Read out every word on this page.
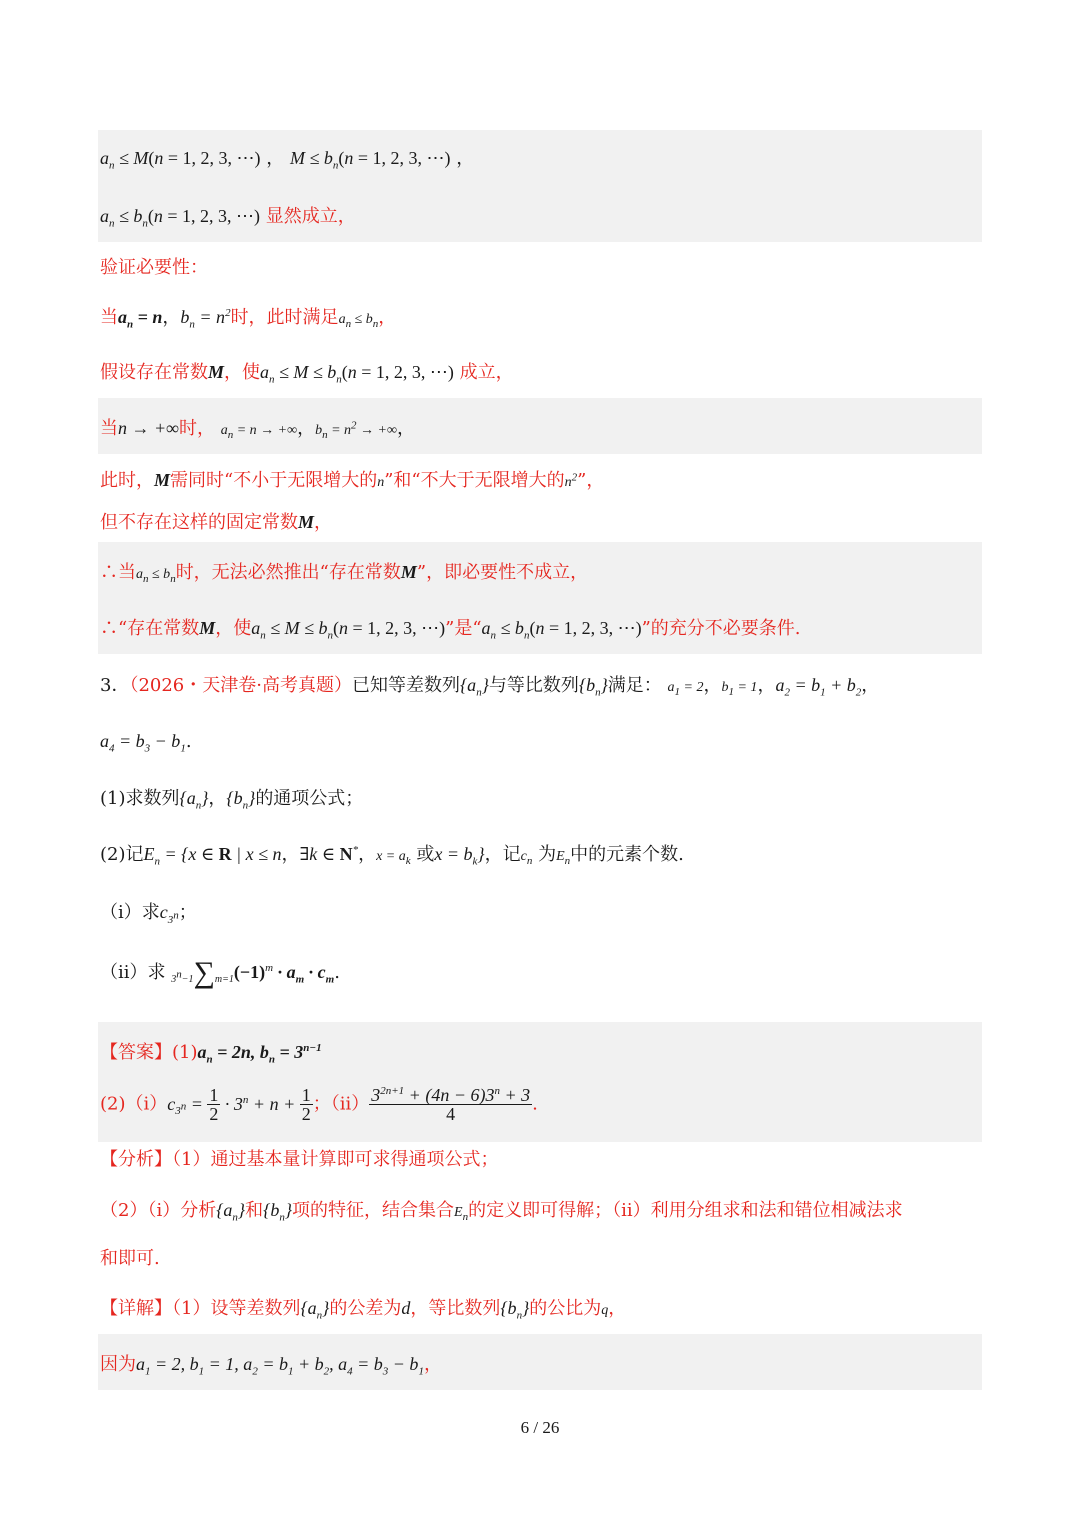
$a_n \le M(n = 1$, 2, 3, ⋯) ， $M \le b_n(n = 1$, 2, 3, ⋯) ，
$a_n \le b_n(n = 1$, 2, 3, ⋯) 显然成立，
验证必要性：
当$a_n = n$，$b_n = n^2$时，此时满足$a_n \le b_n$，
假设存在常数M，使$a_n \le M \le b_n(n = 1$, 2, 3, ⋯) 成立，
当n → +∞时， $a_n = n$ → +∞，$b_n = n^2$ → +∞，
此时，M需同时“不小于无限增大的n”和“不大于无限增大的$n^2$”，
但不存在这样的固定常数M，
∴当$a_n \le b_n$时，无法必然推出“存在常数M”，即必要性不成立，
∴“存在常数M，使$a_n \le M \le b_n(n = 1$, 2, 3, ⋯)”是“$a_n \le b_n(n = 1$, 2, 3, ⋯)”的充分不必要条件.
3．（2026・天津卷·高考真题）已知等差数列$\{a_n\}$与等比数列$\{b_n\}$满足： $a_1 = 2$，$b_1 = 1$，$a_2 = b_1 + b_2$，
$a_4 = b_3 - b_1$.
(1)求数列$\{a_n\}$，$\{b_n\}$的通项公式；
(2)记$E_n = \{x$ ∈ R | x ≤ n，∃k ∈ N*，$x = a_k$ 或$x = b_k$}，记$c_n$ 为$E_n$中的元素个数.
（i）求$c_{3^n}$；
（ii）求 $3^n-1\sum m=1(-1)^m \cdot a_m \cdot c_m$.
【答案】$(1)a_n = 2n$, $b_n = 3^{n-1}$
$(2)(i)c_{3^n} = \frac{1}{2} \cdot 3^n + n + \frac{1}{2}$ ；$(ii) \frac{3^{2n+1} + (4n - 6)3^n + 3}{4}$ .
【分析】（1）通过基本量计算即可求得通项公式；
（2）（i）分析$\{a_n\}$和$\{b_n\}$项的特征，结合集合$E_n$的定义即可得解；（ii）利用分组求和法和错位相减法求
和即可.
【详解】（1）设等差数列$\{a_n\}$的公差为d，等比数列$\{b_n\}$的公比为q，
因为$a_1 = 2$, $b_1 = 1$, $a_2 = b_1 + b_2$, $a_4 = b_3 - b_1$，
6 / 26
